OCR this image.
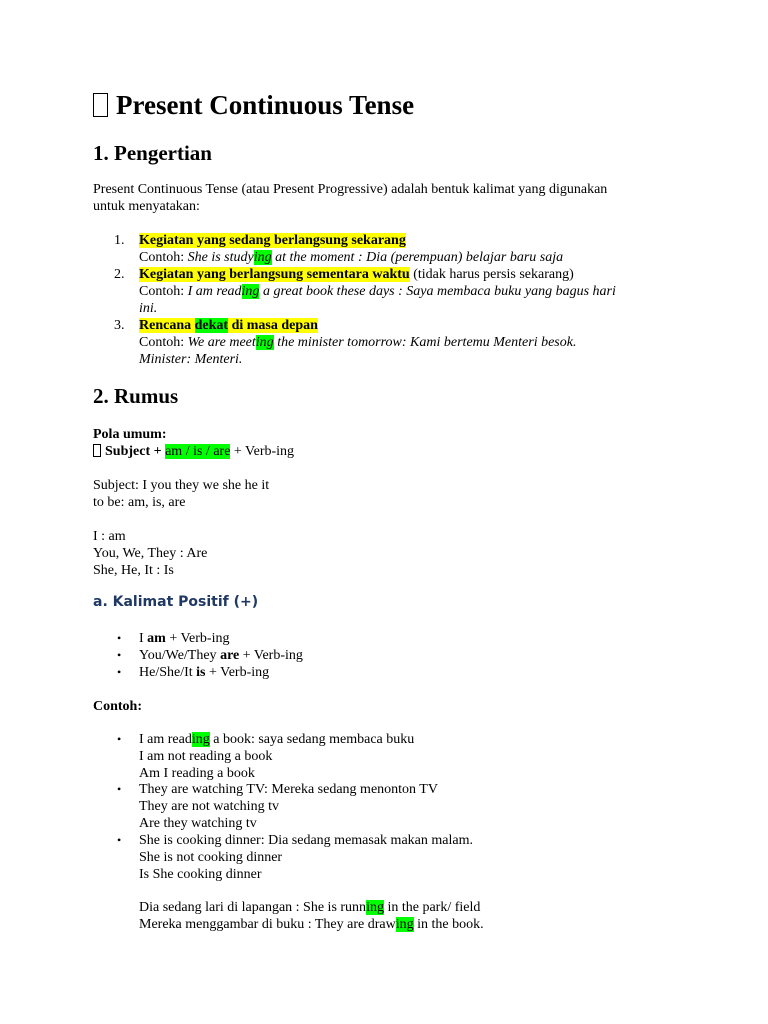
Present Continuous Tense
1. Pengertian

Present Continuous Tense (atau Present Progressive) adalah bentuk kalimat yang digunakan
untuk menyatakan:

1.	Kegiatan yang sedang berlangsung sekarang
Contoh: She is studying at the moment : Dia (perempuan) belajar baru saja
2.	Kegiatan yang berlangsung sementara waktu (tidak harus persis sekarang)
Contoh: I am reading a great book these days : Saya membaca buku yang bagus hari
ini.
3.	Rencana dekat di masa depan
Contoh: We are meeting the minister tomorrow: Kami bertemu Menteri besok.
Minister: Menteri.
2. Rumus

Pola umum:
Subject + am / is / are + Verb-ing

Subject: I you they we she he it
to be: am, is, are

I : am
You, We, They : Are
She, He, It : Is

a. Kalimat Positif (+)
• I am + Verb-ing
• You/We/They are + Verb-ing
• He/She/It is + Verb-ing

Contoh:

• I am reading a book: saya sedang membaca buku
I am not reading a book
Am I reading a book
• They are watching TV: Mereka sedang menonton TV
They are not watching tv
Are they watching tv
• She is cooking dinner: Dia sedang memasak makan malam.
She is not cooking dinner
Is She cooking dinner
Dia sedang lari di lapangan : She is running in the park/ field
Mereka menggambar di buku : They are drawing in the book.
